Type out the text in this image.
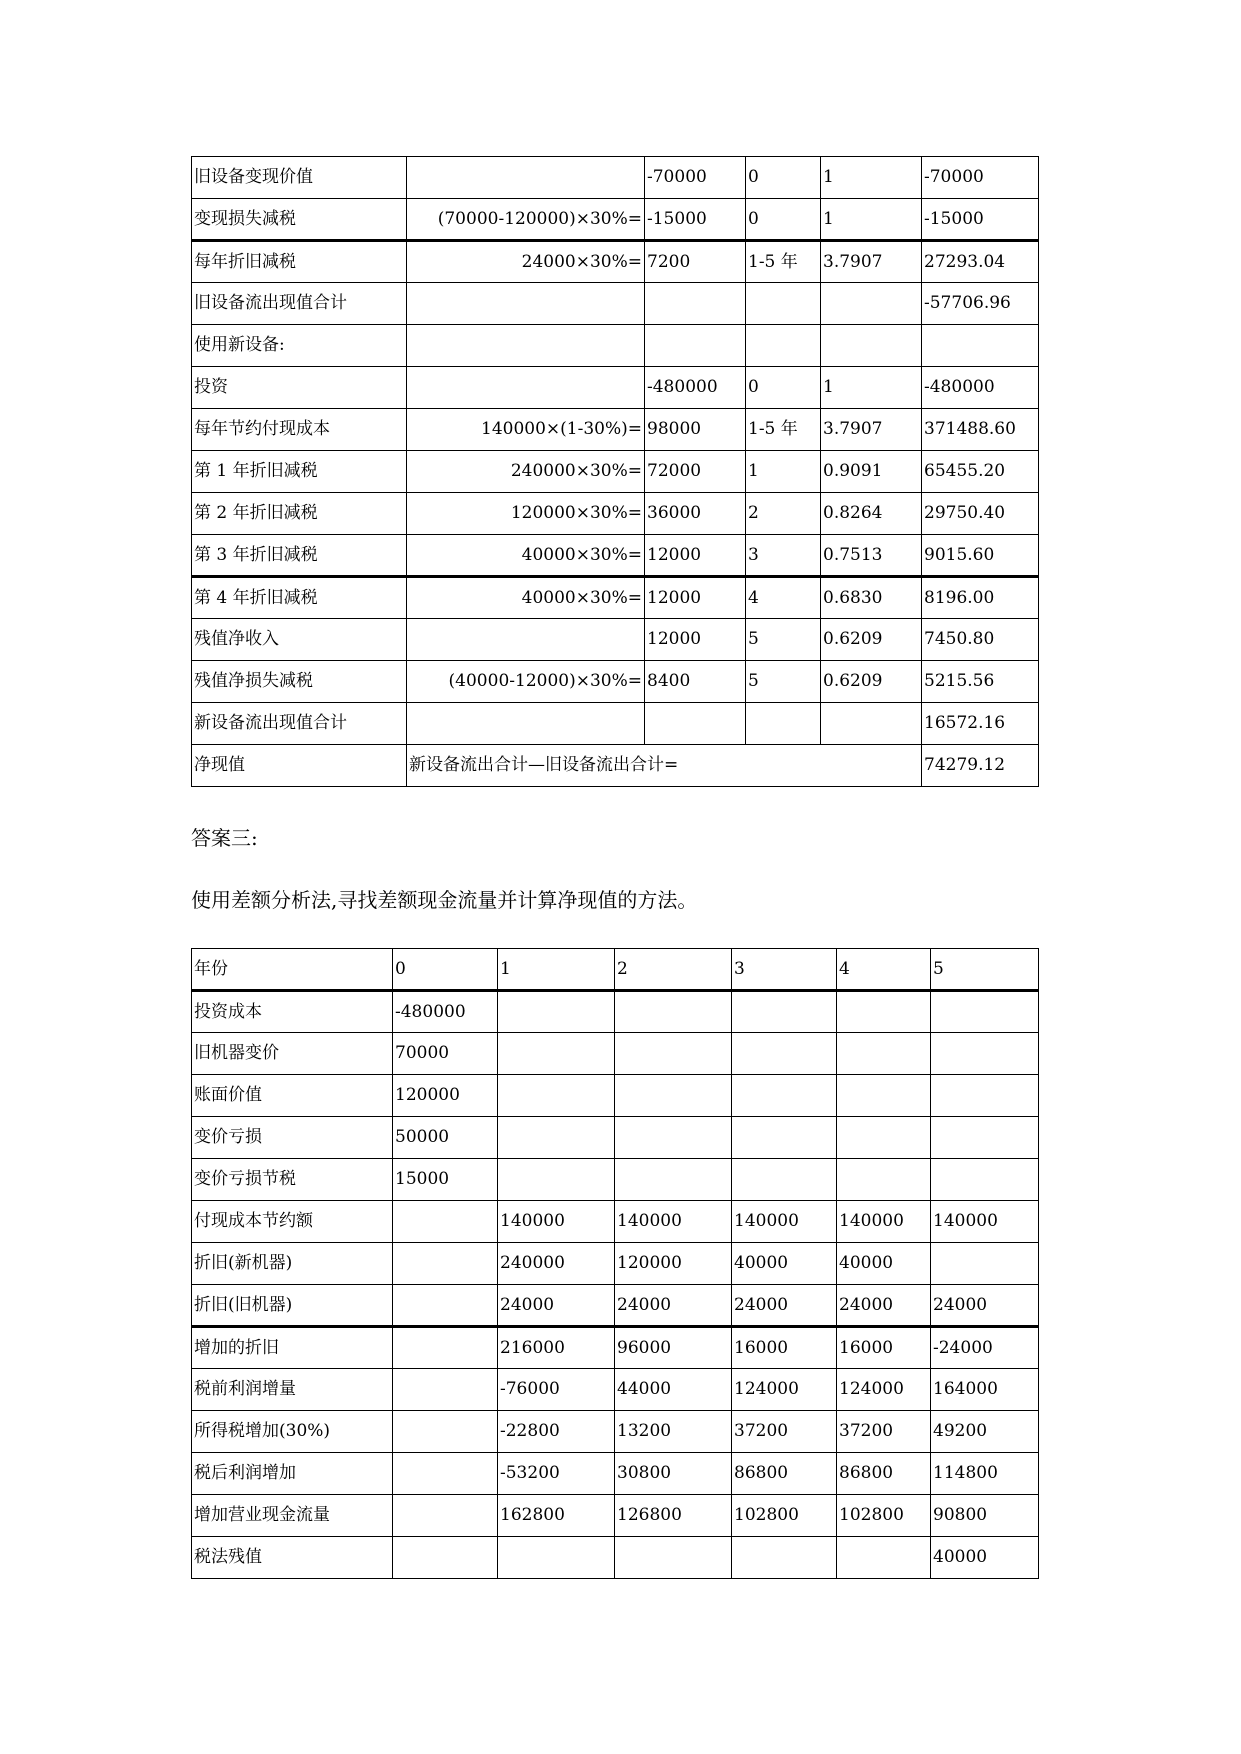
旧设备变现价值		-70000	0	1	-70000
变现损失减税	(70000-120000)×30%=	-15000	0	1	-15000
每年折旧减税	24000×30%=	7200	1-5 年	3.7907	27293.04
旧设备流出现值合计					-57706.96
使用新设备:					
投资		-480000	0	1	-480000
每年节约付现成本	140000×(1-30%)=	98000	1-5 年	3.7907	371488.60
第 1 年折旧减税	240000×30%=	72000	1	0.9091	65455.20
第 2 年折旧减税	120000×30%=	36000	2	0.8264	29750.40
第 3 年折旧减税	40000×30%=	12000	3	0.7513	9015.60
第 4 年折旧减税	40000×30%=	12000	4	0.6830	8196.00
残值净收入		12000	5	0.6209	7450.80
残值净损失减税	(40000-12000)×30%=	8400	5	0.6209	5215.56
新设备流出现值合计					16572.16
净现值	新设备流出合计—旧设备流出合计=				74279.12
答案三:
使用差额分析法,寻找差额现金流量并计算净现值的方法。
年份	0	1	2	3	4	5
投资成本	-480000					
旧机器变价	70000					
账面价值	120000					
变价亏损	50000					
变价亏损节税	15000					
付现成本节约额		140000	140000	140000	140000	140000
折旧(新机器)		240000	120000	40000	40000	
折旧(旧机器)		24000	24000	24000	24000	24000
增加的折旧		216000	96000	16000	16000	-24000
税前利润增量		-76000	44000	124000	124000	164000
所得税增加(30%)		-22800	13200	37200	37200	49200
税后利润增加		-53200	30800	86800	86800	114800
增加营业现金流量		162800	126800	102800	102800	90800
税法残值						40000
